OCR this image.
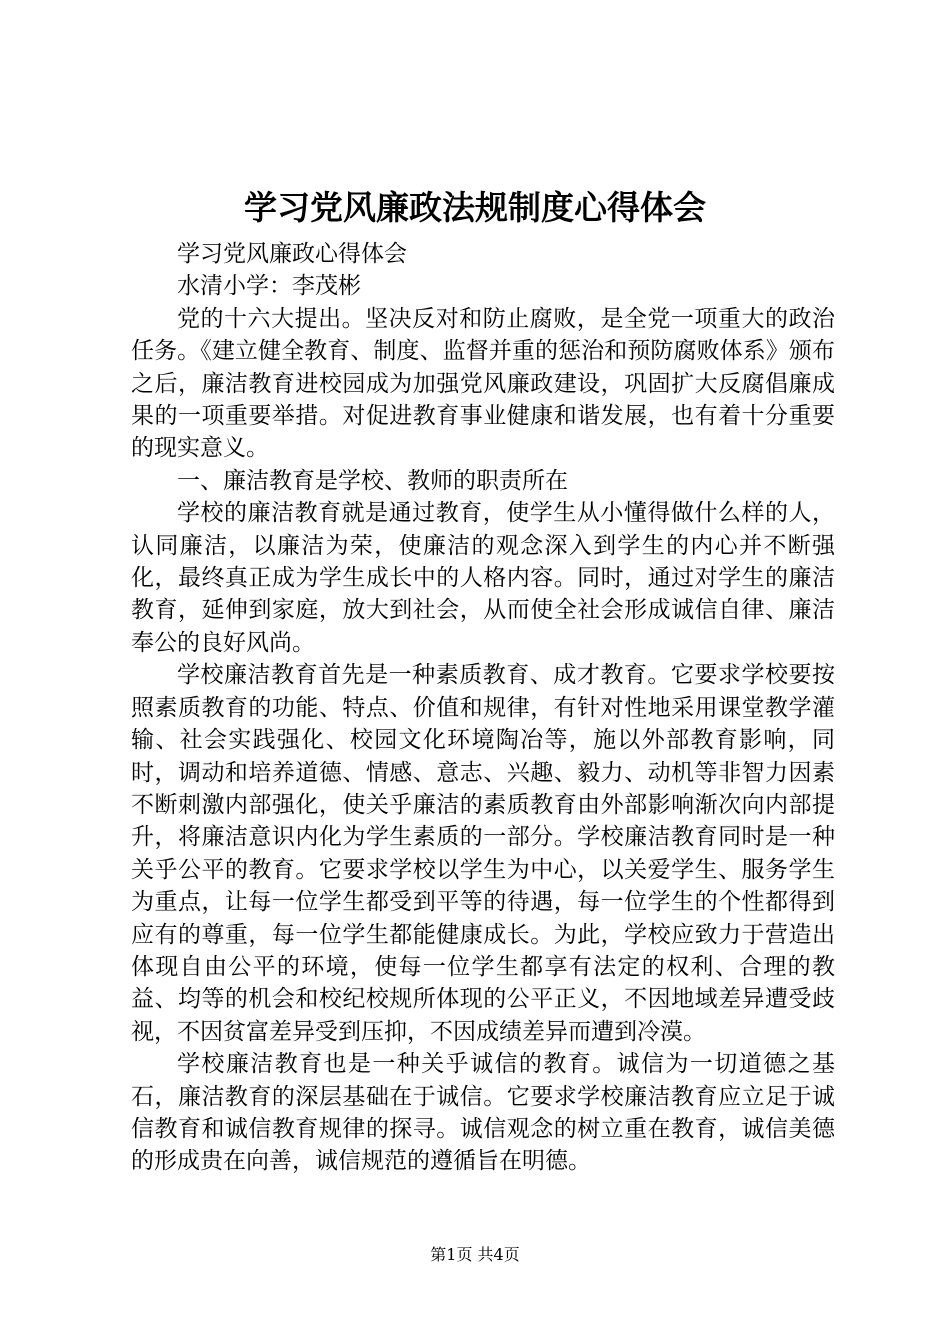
学习党风廉政法规制度心得体会

学习党风廉政心得体会

水清小学：李茂彬

党的十六大提出。坚决反对和防止腐败，是全党一项重大的政治任务。《建立健全教育、制度、监督并重的惩治和预防腐败体系》颁布之后，廉洁教育进校园成为加强党风廉政建设，巩固扩大反腐倡廉成果的一项重要举措。对促进教育事业健康和谐发展，也有着十分重要的现实意义。

一、廉洁教育是学校、教师的职责所在

学校的廉洁教育就是通过教育，使学生从小懂得做什么样的人，认同廉洁，以廉洁为荣，使廉洁的观念深入到学生的内心并不断强化，最终真正成为学生成长中的人格内容。同时，通过对学生的廉洁教育，延伸到家庭，放大到社会，从而使全社会形成诚信自律、廉洁奉公的良好风尚。

学校廉洁教育首先是一种素质教育、成才教育。它要求学校要按照素质教育的功能、特点、价值和规律，有针对性地采用课堂教学灌输、社会实践强化、校园文化环境陶冶等，施以外部教育影响，同时，调动和培养道德、情感、意志、兴趣、毅力、动机等非智力因素不断刺激内部强化，使关乎廉洁的素质教育由外部影响渐次向内部提升，将廉洁意识内化为学生素质的一部分。学校廉洁教育同时是一种关乎公平的教育。它要求学校以学生为中心，以关爱学生、服务学生为重点，让每一位学生都受到平等的待遇，每一位学生的个性都得到应有的尊重，每一位学生都能健康成长。为此，学校应致力于营造出体现自由公平的环境，使每一位学生都享有法定的权利、合理的教益、均等的机会和校纪校规所体现的公平正义，不因地域差异遭受歧视，不因贫富差异受到压抑，不因成绩差异而遭到冷漠。

学校廉洁教育也是一种关乎诚信的教育。诚信为一切道德之基石，廉洁教育的深层基础在于诚信。它要求学校廉洁教育应立足于诚信教育和诚信教育规律的探寻。诚信观念的树立重在教育，诚信美德的形成贵在向善，诚信规范的遵循旨在明德。

第1页 共4页
